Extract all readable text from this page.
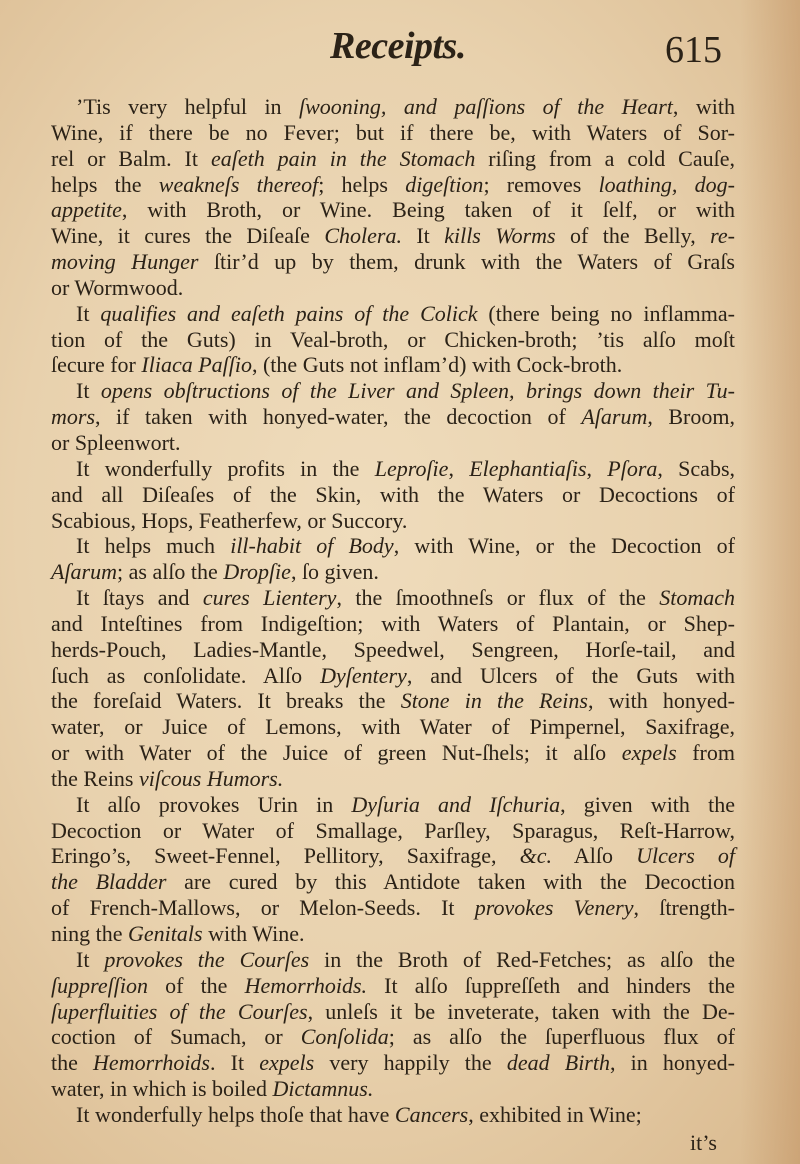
Receipts.	615
’Tis very helpful in ſwooning, and paſſions of the Heart, with
Wine, if there be no Fever; but if there be, with Waters of Sor-
rel or Balm. It eaſeth pain in the Stomach riſing from a cold Cauſe,
helps the weakneſs thereof; helps digeſtion; removes loathing, dog-
appetite, with Broth, or Wine. Being taken of it ſelf, or with
Wine, it cures the Diſeaſe Cholera. It kills Worms of the Belly, re-
moving Hunger ſtir’d up by them, drunk with the Waters of Graſs
or Wormwood.
It qualifies and eaſeth pains of the Colick (there being no inflamma-
tion of the Guts) in Veal-broth, or Chicken-broth; ’tis alſo moſt
ſecure for Iliaca Paſſio, (the Guts not inflam’d) with Cock-broth.
It opens obſtructions of the Liver and Spleen, brings down their Tu-
mors, if taken with honyed-water, the decoction of Aſarum, Broom,
or Spleenwort.
It wonderfully profits in the Leproſie, Elephantiaſis, Pſora, Scabs,
and all Diſeaſes of the Skin, with the Waters or Decoctions of
Scabious, Hops, Featherfew, or Succory.
It helps much ill-habit of Body, with Wine, or the Decoction of
Aſarum; as alſo the Dropſie, ſo given.
It ſtays and cures Lientery, the ſmoothneſs or flux of the Stomach
and Inteſtines from Indigeſtion; with Waters of Plantain, or Shep-
herds-Pouch, Ladies-Mantle, Speedwel, Sengreen, Horſe-tail, and
ſuch as conſolidate. Alſo Dyſentery, and Ulcers of the Guts with
the foreſaid Waters. It breaks the Stone in the Reins, with honyed-
water, or Juice of Lemons, with Water of Pimpernel, Saxifrage,
or with Water of the Juice of green Nut-ſhels; it alſo expels from
the Reins viſcous Humors.
It alſo provokes Urin in Dyſuria and Iſchuria, given with the
Decoction or Water of Smallage, Parſley, Sparagus, Reſt-Harrow,
Eringo’s, Sweet-Fennel, Pellitory, Saxifrage, &c. Alſo Ulcers of
the Bladder are cured by this Antidote taken with the Decoction
of French-Mallows, or Melon-Seeds. It provokes Venery, ſtrength-
ning the Genitals with Wine.
It provokes the Courſes in the Broth of Red-Fetches; as alſo the
ſuppreſſion of the Hemorrhoids. It alſo ſuppreſſeth and hinders the
ſuperfluities of the Courſes, unleſs it be inveterate, taken with the De-
coction of Sumach, or Conſolida; as alſo the ſuperfluous flux of
the Hemorrhoids. It expels very happily the dead Birth, in honyed-
water, in which is boiled Dictamnus.
It wonderfully helps thoſe that have Cancers, exhibited in Wine;
it’s
